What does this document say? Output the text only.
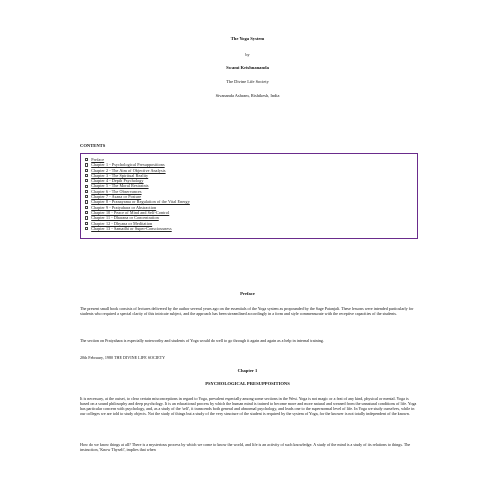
The Yoga System
by
Swami Krishnananda
The Divine Life Society
Sivananda Ashram, Rishikesh, India
CONTENTS
Preface
Chapter 1 - Psychological Presuppositions
Chapter 2 - The Aim of Objective Analysis
Chapter 3 - The Spiritual Reality
Chapter 4 - Depth Psychology
Chapter 5 - The Moral Restraints
Chapter 6 - The Observances
Chapter 7 - Asana or Posture
Chapter 8 - Pranayama or Regulation of the Vital Energy
Chapter 9 - Pratyahara or Abstraction
Chapter 10 - Peace of Mind and Self-Control
Chapter 11 - Dharana or Concentration
Chapter 12 - Dhyana or Meditation
Chapter 13 - Samadhi or Super-Consciousness
Preface
The present small book consists of lectures delivered by the author several years ago on the essentials of the Yoga system as propounded by the Sage Patanjali. These lessons were intended particularly for students who required a special clarity of this intricate subject, and the approach has been streamlined accordingly in a form and style commensurate with the receptive capacities of the students.
The section on Pratyahara is especially noteworthy and students of Yoga would do well to go through it again and again as a help in internal training.
20th February, 1980 THE DIVINE LIFE SOCIETY
Chapter 1
PSYCHOLOGICAL PRESUPPOSITIONS
It is necessary, at the outset, to clear certain misconceptions in regard to Yoga, prevalent especially among some sections in the West. Yoga is not magic or a feat of any kind, physical or mental. Yoga is based on a sound philosophy and deep psychology. It is an educational process by which the human mind is trained to become more and more natural and weaned from the unnatural conditions of life. Yoga has particular concern with psychology, and, as a study of the 'self', it transcends both general and abnormal psychology, and leads one to the supernormal level of life. In Yoga we study ourselves, while in our colleges we are told to study objects. Not the study of things but a study of the very structure of the student is required by the system of Yoga, for the knower is not totally independent of the known.
How do we know things at all? There is a mysterious process by which we come to know the world, and life is an activity of such knowledge. A study of the mind is a study of its relations to things. The instruction, 'Know Thyself', implies that when
